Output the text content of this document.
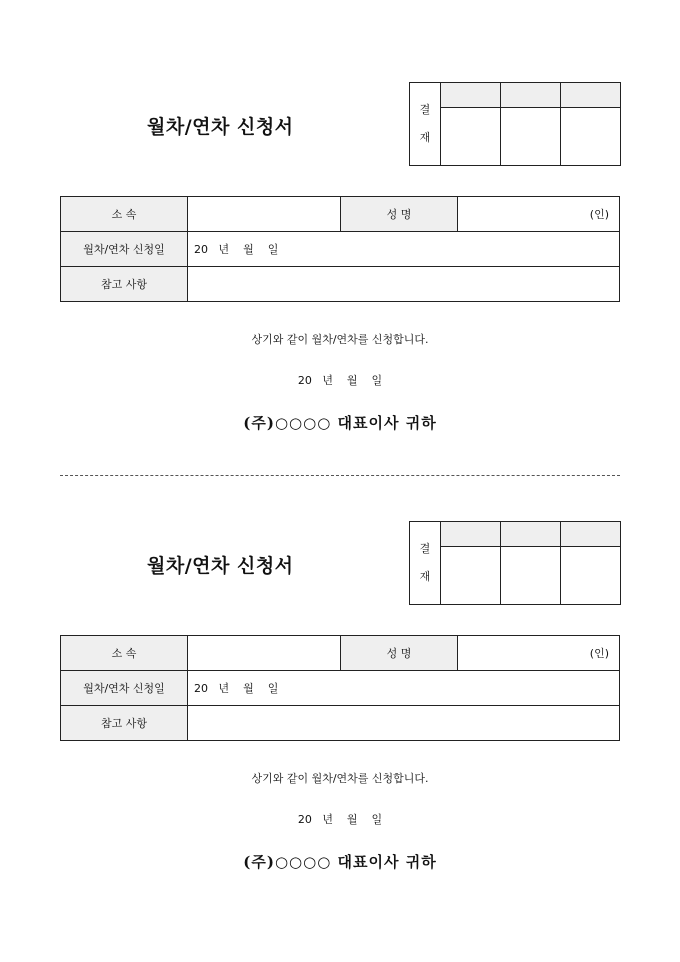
월차/연차 신청서
결
재			

소 속		성 명	(인)
월차/연차 신청일	20   년    월    일		
참고 사항			
상기와 같이 월차/연차를 신청합니다.
20   년    월    일
(주)○○○○ 대표이사 귀하
월차/연차 신청서
결
재			

소 속		성 명	(인)
월차/연차 신청일	20   년    월    일		
참고 사항			
상기와 같이 월차/연차를 신청합니다.
20   년    월    일
(주)○○○○ 대표이사 귀하
